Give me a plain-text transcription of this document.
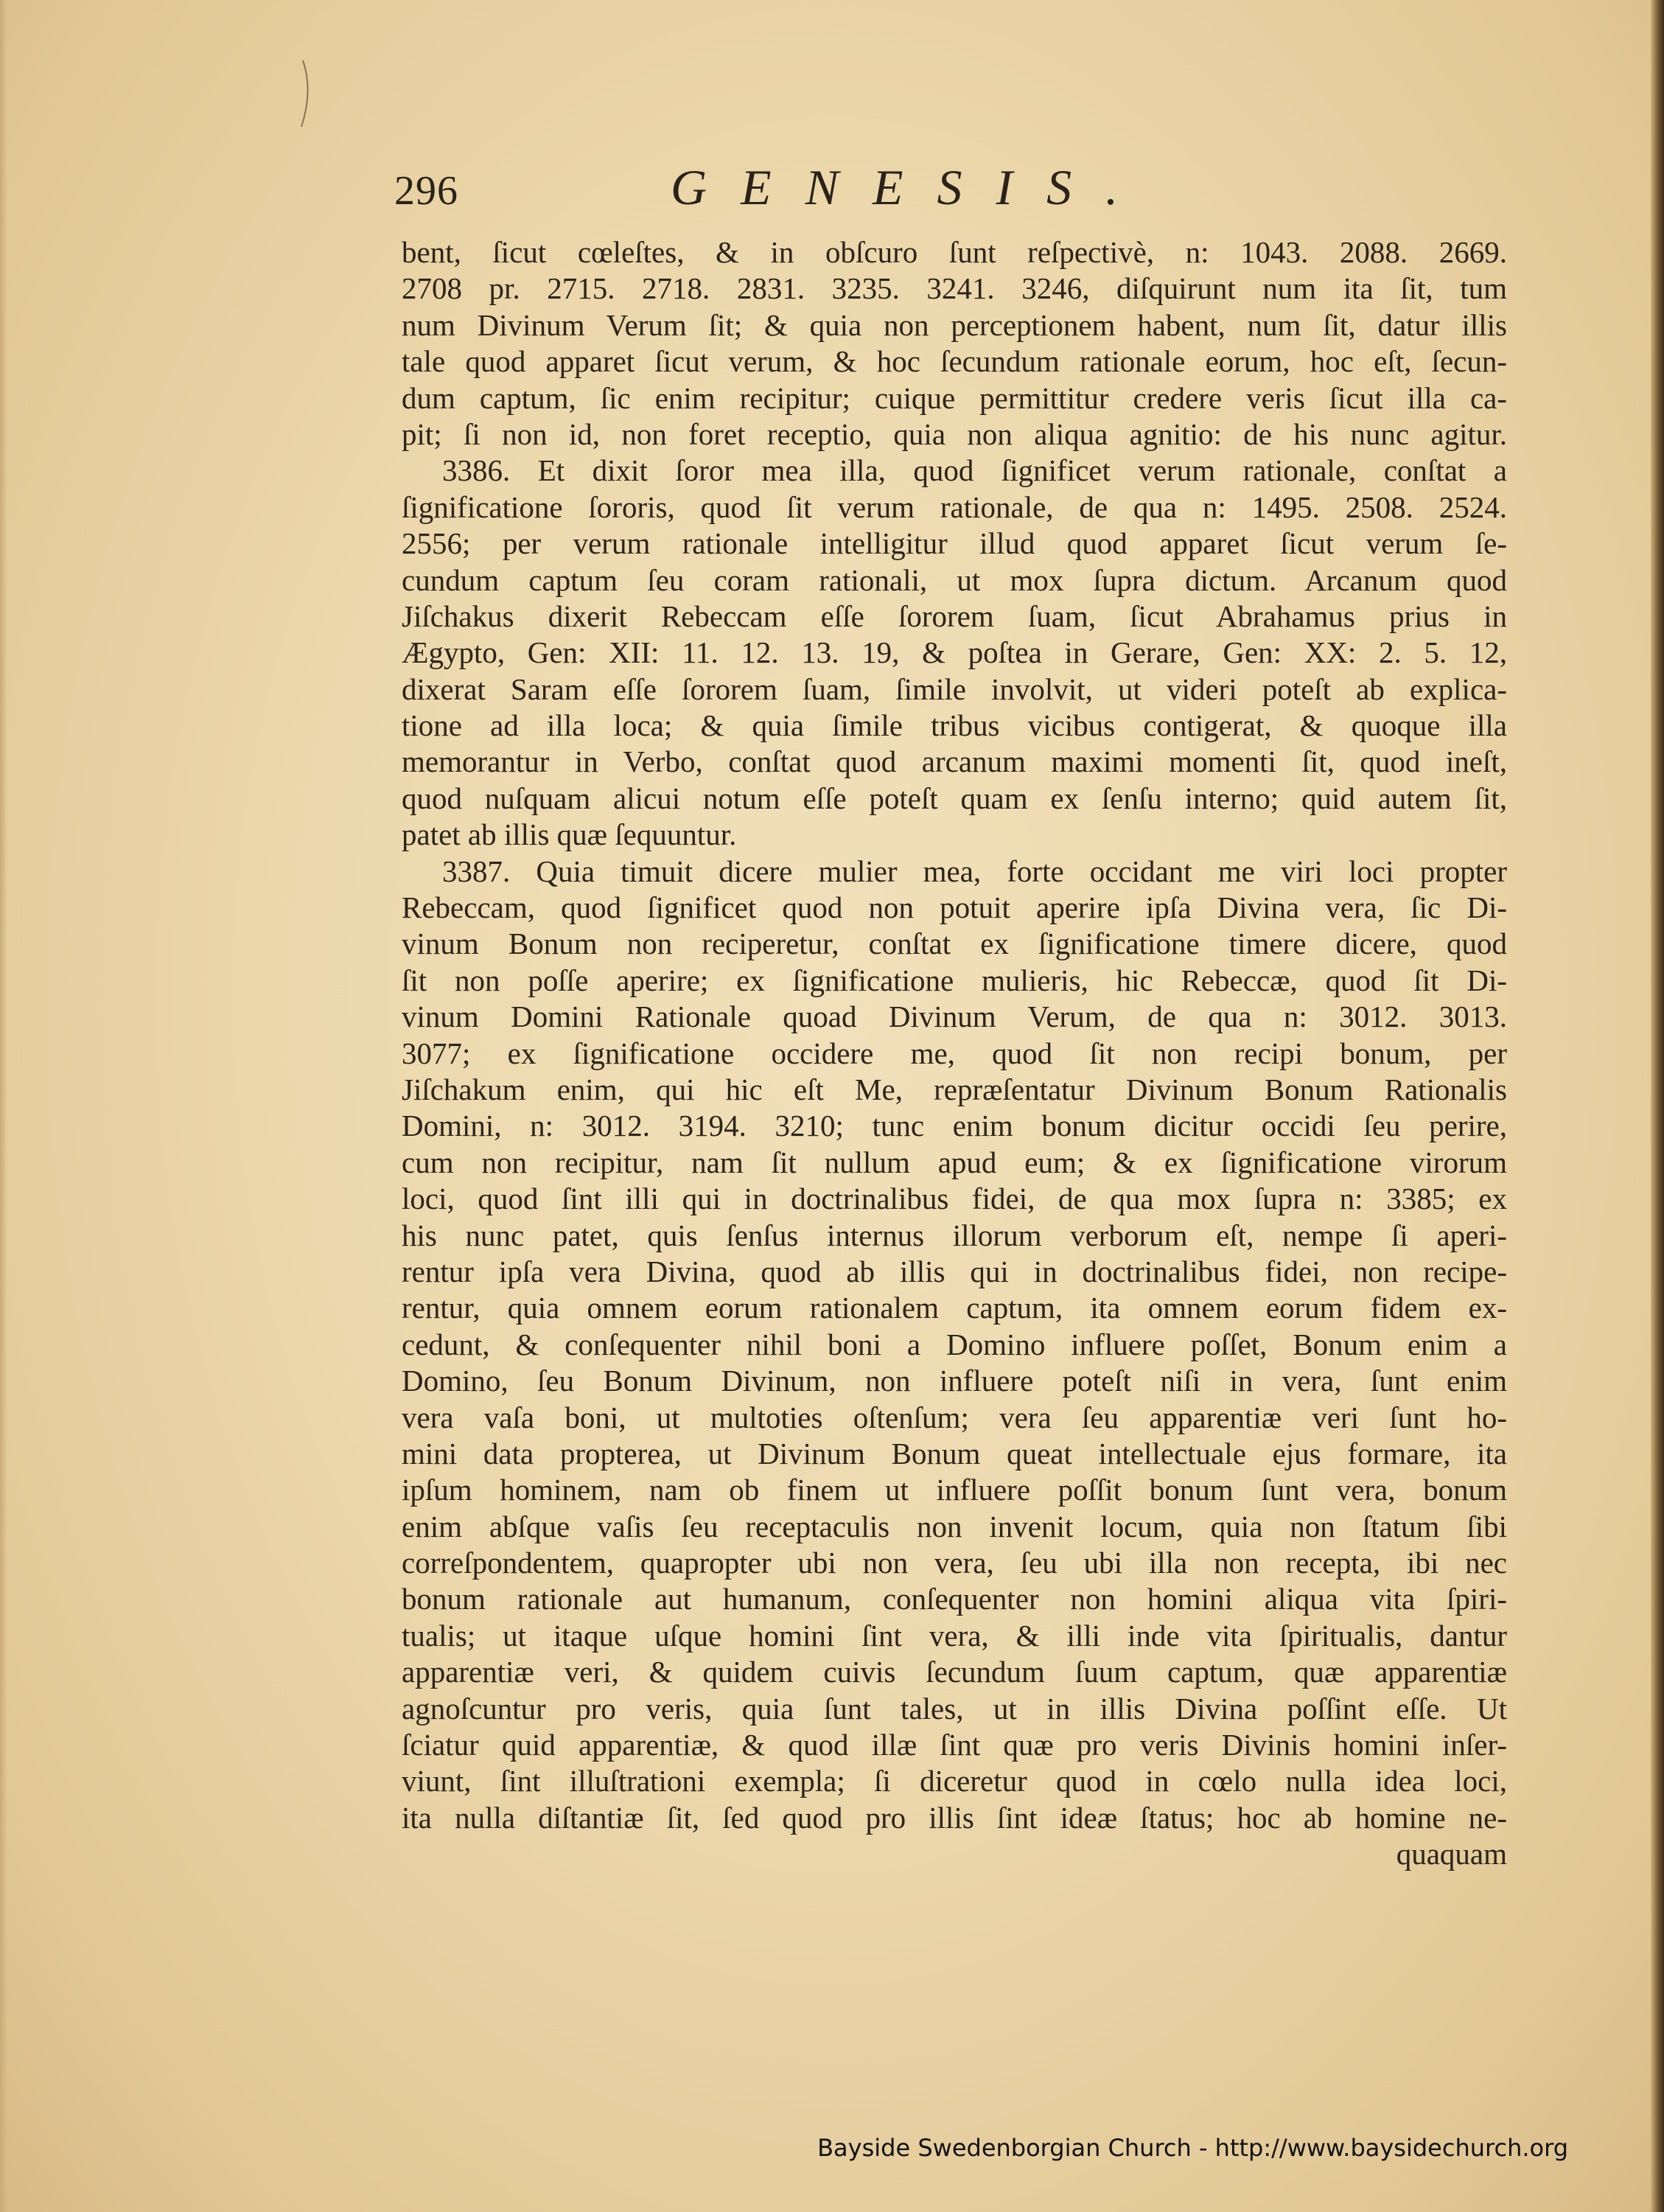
296	GENESIS.
bent, ſicut cœleſtes, & in obſcuro ſunt reſpectivè, n: 1043. 2088. 2669.
2708 pr. 2715. 2718. 2831. 3235. 3241. 3246, diſquirunt num ita ſit, tum
num Divinum Verum ſit; & quia non perceptionem habent, num ſit, datur illis
tale quod apparet ſicut verum, & hoc ſecundum rationale eorum, hoc eſt, ſecun-
dum captum, ſic enim recipitur; cuique permittitur credere veris ſicut illa ca-
pit; ſi non id, non foret receptio, quia non aliqua agnitio: de his nunc agitur.
3386. Et dixit ſoror mea illa, quod ſignificet verum rationale, conſtat a
ſignificatione ſororis, quod ſit verum rationale, de qua n: 1495. 2508. 2524.
2556; per verum rationale intelligitur illud quod apparet ſicut verum ſe-
cundum captum ſeu coram rationali, ut mox ſupra dictum. Arcanum quod
Jiſchakus dixerit Rebeccam eſſe ſororem ſuam, ſicut Abrahamus prius in
Ægypto, Gen: XII: 11. 12. 13. 19, & poſtea in Gerare, Gen: XX: 2. 5. 12,
dixerat Saram eſſe ſororem ſuam, ſimile involvit, ut videri poteſt ab explica-
tione ad illa loca; & quia ſimile tribus vicibus contigerat, & quoque illa
memorantur in Verbo, conſtat quod arcanum maximi momenti ſit, quod ineſt,
quod nuſquam alicui notum eſſe poteſt quam ex ſenſu interno; quid autem ſit,
patet ab illis quæ ſequuntur.
3387. Quia timuit dicere mulier mea, forte occidant me viri loci propter
Rebeccam, quod ſignificet quod non potuit aperire ipſa Divina vera, ſic Di-
vinum Bonum non reciperetur, conſtat ex ſignificatione timere dicere, quod
ſit non poſſe aperire; ex ſignificatione mulieris, hic Rebeccæ, quod ſit Di-
vinum Domini Rationale quoad Divinum Verum, de qua n: 3012. 3013.
3077; ex ſignificatione occidere me, quod ſit non recipi bonum, per
Jiſchakum enim, qui hic eſt Me, repræſentatur Divinum Bonum Rationalis
Domini, n: 3012. 3194. 3210; tunc enim bonum dicitur occidi ſeu perire,
cum non recipitur, nam ſit nullum apud eum; & ex ſignificatione virorum
loci, quod ſint illi qui in doctrinalibus fidei, de qua mox ſupra n: 3385; ex
his nunc patet, quis ſenſus internus illorum verborum eſt, nempe ſi aperi-
rentur ipſa vera Divina, quod ab illis qui in doctrinalibus fidei, non recipe-
rentur, quia omnem eorum rationalem captum, ita omnem eorum fidem ex-
cedunt, & conſequenter nihil boni a Domino influere poſſet, Bonum enim a
Domino, ſeu Bonum Divinum, non influere poteſt niſi in vera, ſunt enim
vera vaſa boni, ut multoties oſtenſum; vera ſeu apparentiæ veri ſunt ho-
mini data propterea, ut Divinum Bonum queat intellectuale ejus formare, ita
ipſum hominem, nam ob finem ut influere poſſit bonum ſunt vera, bonum
enim abſque vaſis ſeu receptaculis non invenit locum, quia non ſtatum ſibi
correſpondentem, quapropter ubi non vera, ſeu ubi illa non recepta, ibi nec
bonum rationale aut humanum, conſequenter non homini aliqua vita ſpiri-
tualis; ut itaque uſque homini ſint vera, & illi inde vita ſpiritualis, dantur
apparentiæ veri, & quidem cuivis ſecundum ſuum captum, quæ apparentiæ
agnoſcuntur pro veris, quia ſunt tales, ut in illis Divina poſſint eſſe. Ut
ſciatur quid apparentiæ, & quod illæ ſint quæ pro veris Divinis homini inſer-
viunt, ſint illuſtrationi exempla; ſi diceretur quod in cœlo nulla idea loci,
ita nulla diſtantiæ ſit, ſed quod pro illis ſint ideæ ſtatus; hoc ab homine ne-
quaquam
Bayside Swedenborgian Church - http://www.baysidechurch.org
